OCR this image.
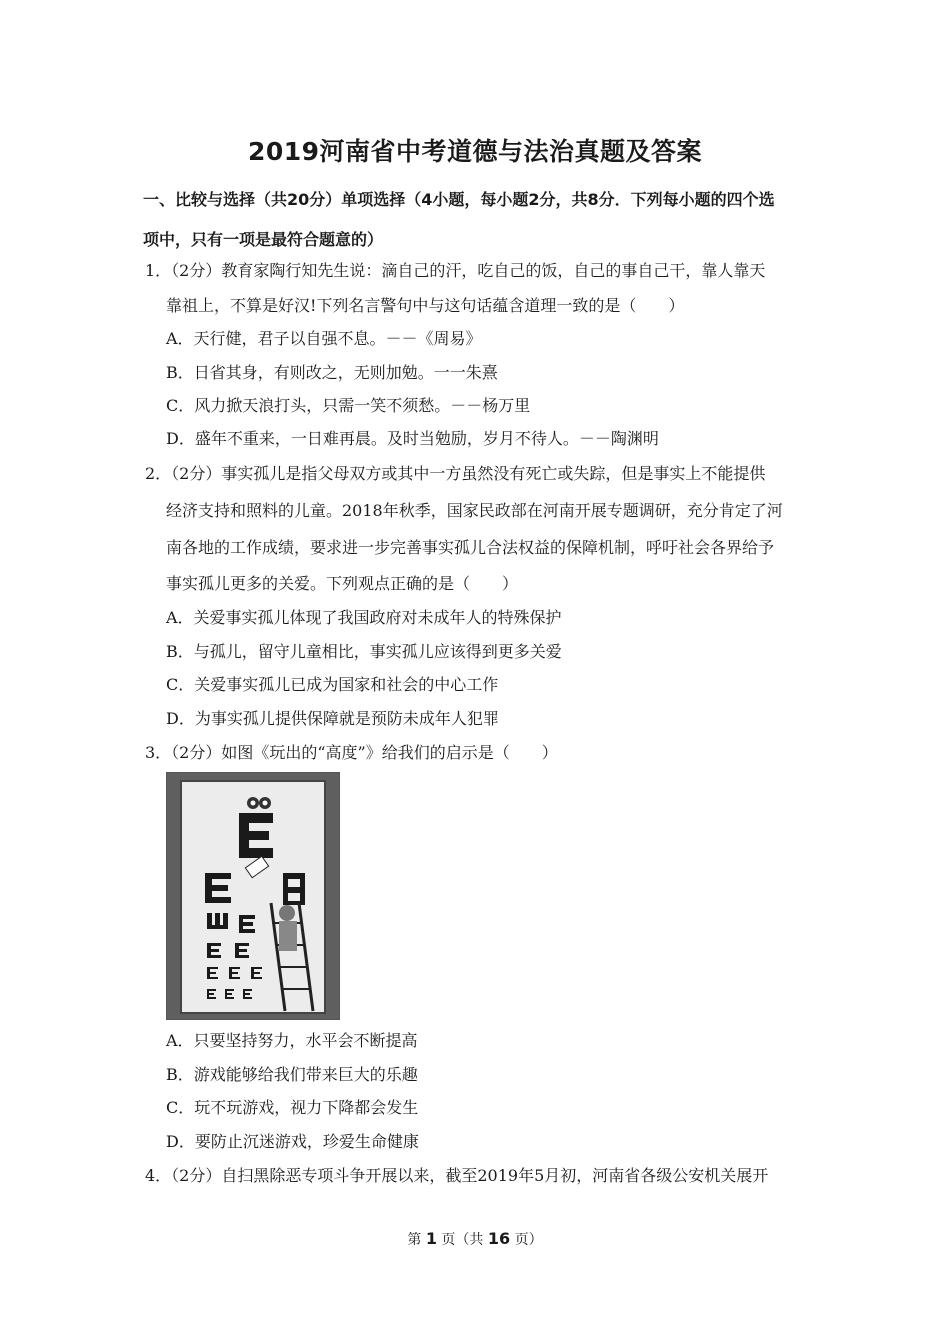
2019河南省中考道德与法治真题及答案
一、比较与选择（共20分）单项选择（4小题，每小题2分，共8分．下列每小题的四个选
项中，只有一项是最符合题意的）
1．（2分）教育家陶行知先生说：滴自己的汗，吃自己的饭，自己的事自己干，靠人靠天
靠祖上，不算是好汉!下列名言警句中与这句话蕴含道理一致的是（　　）
A．天行健，君子以自强不息。－－《周易》
B．日省其身，有则改之，无则加勉。一一朱熹
C．风力掀天浪打头，只需一笑不须愁。－－杨万里
D．盛年不重来，一日难再晨。及时当勉励，岁月不待人。－－陶渊明
2．（2分）事实孤儿是指父母双方或其中一方虽然没有死亡或失踪，但是事实上不能提供
经济支持和照料的儿童。2018年秋季，国家民政部在河南开展专题调研，充分肯定了河
南各地的工作成绩，要求进一步完善事实孤儿合法权益的保障机制，呼吁社会各界给予
事实孤儿更多的关爱。下列观点正确的是（　　）
A．关爱事实孤儿体现了我国政府对未成年人的特殊保护
B．与孤儿，留守儿童相比，事实孤儿应该得到更多关爱
C．关爱事实孤儿已成为国家和社会的中心工作
D．为事实孤儿提供保障就是预防未成年人犯罪
3．（2分）如图《玩出的“高度”》给我们的启示是（　　）
A．只要坚持努力，水平会不断提高
B．游戏能够给我们带来巨大的乐趣
C．玩不玩游戏，视力下降都会发生
D．要防止沉迷游戏，珍爱生命健康
4．（2分）自扫黑除恶专项斗争开展以来，截至2019年5月初，河南省各级公安机关展开
第 1 页（共 16 页）
